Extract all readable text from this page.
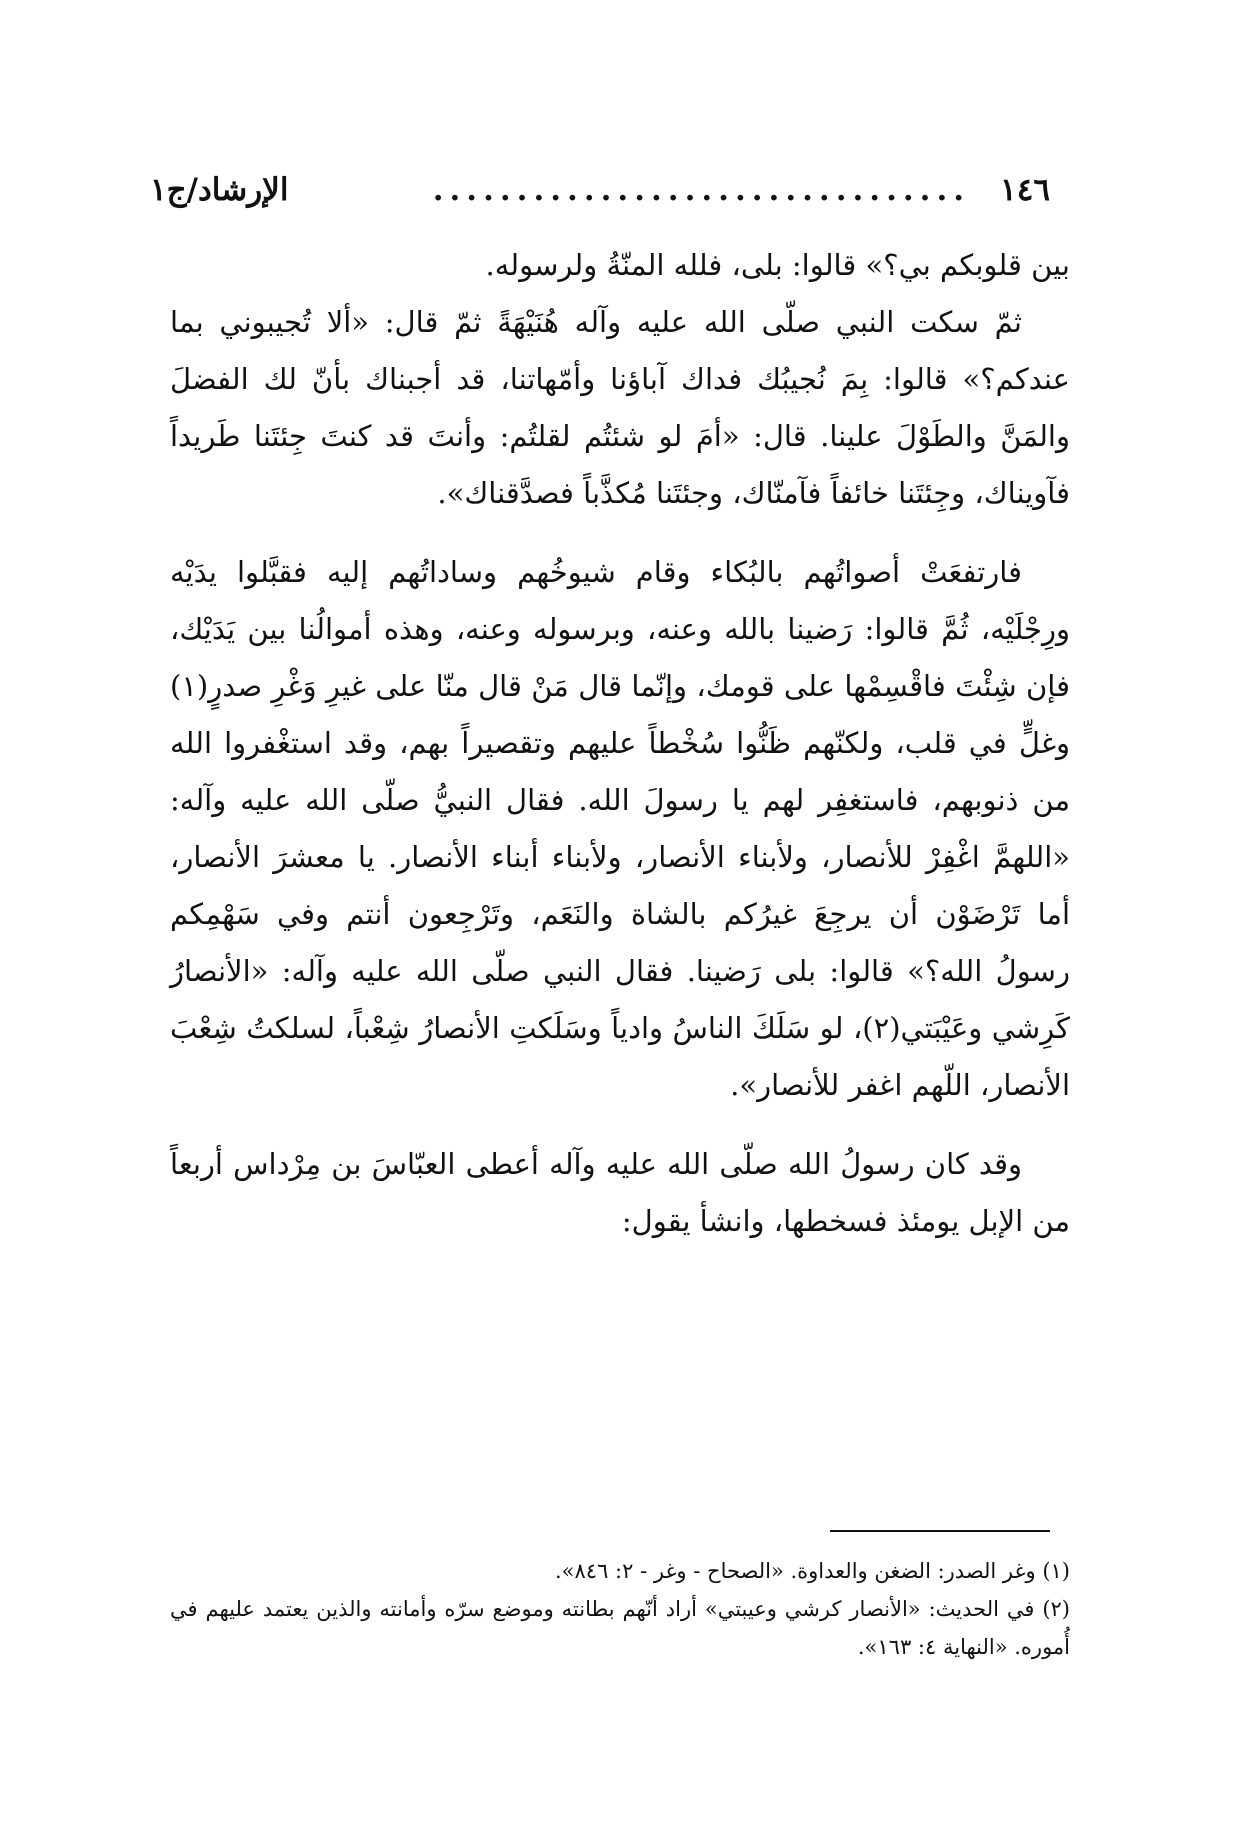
١٤٦
................................
الإرشاد/ج١

بين قلوبكم بي؟» قالوا: بلى، فلله المنّةُ ولرسوله.

ثمّ سكت النبي صلّى الله عليه وآله هُنَيْهَةً ثمّ قال: «ألا تُجيبوني بما عندكم؟» قالوا: بِمَ نُجيبُك فداك آباؤنا وأمّهاتنا، قد أجبناك بأنّ لك الفضلَ والمَنَّ والطَوْلَ علينا. قال: «أمَ لو شئتُم لقلتُم: وأنتَ قد كنتَ جِئتَنا طَريداً فآويناك، وجِئتَنا خائفاً فآمنّاك، وجئتَنا مُكذَّباً فصدَّقناك».

فارتفعَتْ أصواتُهم بالبُكاء وقام شيوخُهم وساداتُهم إليه فقبَّلوا يدَيْه ورِجْلَيْه، ثُمَّ قالوا: رَضينا بالله وعنه، وبرسوله وعنه، وهذه أموالُنا بين يَدَيْك، فإن شِئْتَ فاقْسِمْها على قومك، وإنّما قال مَنْ قال منّا على غيرِ وَغْرِ صدرٍ(١) وغلٍّ في قلب، ولكنّهم ظَنُّوا سُخْطاً عليهم وتقصيراً بهم، وقد استغْفروا الله من ذنوبهم، فاستغفِر لهم يا رسولَ الله. فقال النبيُّ صلّى الله عليه وآله: «اللهمَّ اغْفِرْ للأنصار، ولأبناء الأنصار، ولأبناء أبناء الأنصار. يا معشرَ الأنصار، أما تَرْضَوْن أن يرجِعَ غيرُكم بالشاة والنَعَم، وتَرْجِعون أنتم وفي سَهْمِكم رسولُ الله؟» قالوا: بلى رَضينا. فقال النبي صلّى الله عليه وآله: «الأنصارُ كَرِشي وعَيْبَتي(٢)، لو سَلَكَ الناسُ وادياً وسَلَكتِ الأنصارُ شِعْباً، لسلكتُ شِعْبَ الأنصار، اللّهم اغفر للأنصار».

وقد كان رسولُ الله صلّى الله عليه وآله أعطى العبّاسَ بن مِرْداس أربعاً من الإبل يومئذ فسخطها، وانشأ يقول:

(١) وغر الصدر: الضغن والعداوة. «الصحاح - وغر - ٢: ٨٤٦».

(٢) في الحديث: «الأنصار كرشي وعيبتي» أراد أنّهم بطانته وموضع سرّه وأمانته والذين يعتمد عليهم في أُموره. «النهاية ٤: ١٦٣».
